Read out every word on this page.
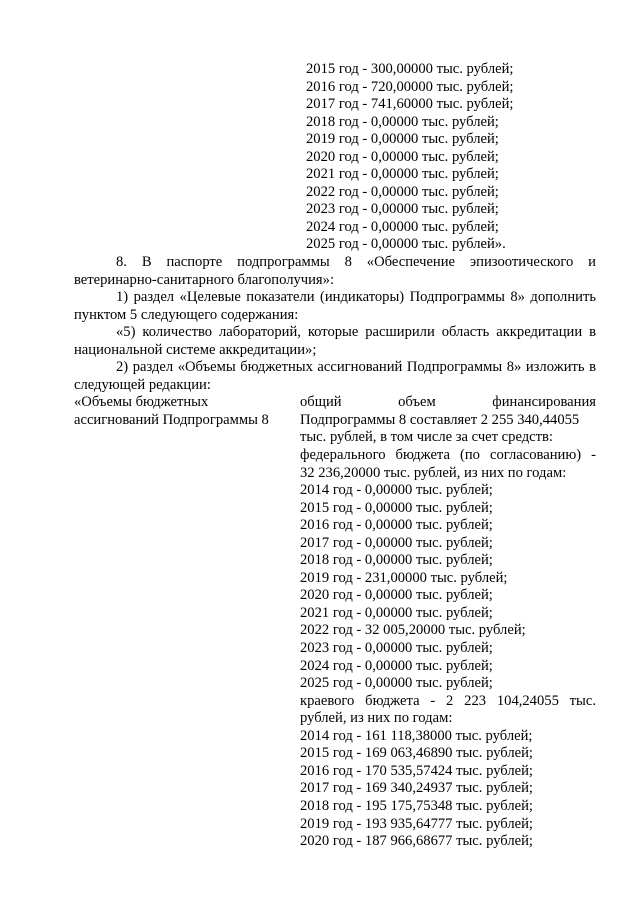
2015 год - 300,00000 тыс. рублей;
2016 год - 720,00000 тыс. рублей;
2017 год - 741,60000 тыс. рублей;
2018 год - 0,00000 тыс. рублей;
2019 год - 0,00000 тыс. рублей;
2020 год - 0,00000 тыс. рублей;
2021 год - 0,00000 тыс. рублей;
2022 год - 0,00000 тыс. рублей;
2023 год - 0,00000 тыс. рублей;
2024 год - 0,00000 тыс. рублей;
2025 год - 0,00000 тыс. рублей».

8. В паспорте подпрограммы 8 «Обеспечение эпизоотического и ветеринарно-санитарного благополучия»:

1) раздел «Целевые показатели (индикаторы) Подпрограммы 8» дополнить пунктом 5 следующего содержания:

«5) количество лабораторий, которые расширили область аккредитации в национальной системе аккредитации»;

2) раздел «Объемы бюджетных ассигнований Подпрограммы 8» изложить в следующей редакции:

«Объемы бюджетных
ассигнований Подпрограммы 8
общий объем финансирования
Подпрограммы 8 составляет 2 255 340,44055
тыс. рублей, в том числе за счет средств:
федерального бюджета (по согласованию) -
32 236,20000 тыс. рублей, из них по годам:
2014 год - 0,00000 тыс. рублей;
2015 год - 0,00000 тыс. рублей;
2016 год - 0,00000 тыс. рублей;
2017 год - 0,00000 тыс. рублей;
2018 год - 0,00000 тыс. рублей;
2019 год - 231,00000 тыс. рублей;
2020 год - 0,00000 тыс. рублей;
2021 год - 0,00000 тыс. рублей;
2022 год - 32 005,20000 тыс. рублей;
2023 год - 0,00000 тыс. рублей;
2024 год - 0,00000 тыс. рублей;
2025 год - 0,00000 тыс. рублей;
краевого бюджета - 2 223 104,24055 тыс.
рублей, из них по годам:
2014 год - 161 118,38000 тыс. рублей;
2015 год - 169 063,46890 тыс. рублей;
2016 год - 170 535,57424 тыс. рублей;
2017 год - 169 340,24937 тыс. рублей;
2018 год - 195 175,75348 тыс. рублей;
2019 год - 193 935,64777 тыс. рублей;
2020 год - 187 966,68677 тыс. рублей;
